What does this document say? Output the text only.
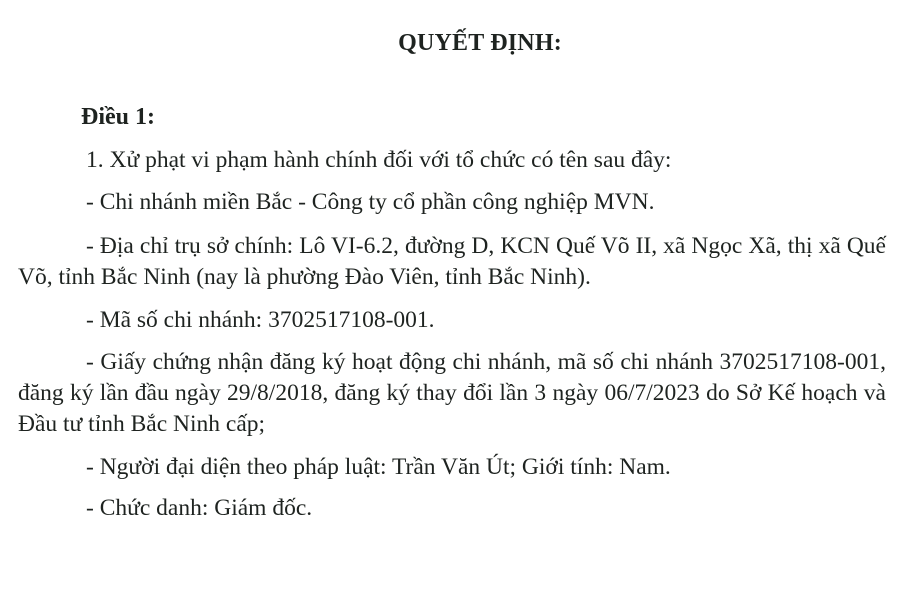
QUYẾT ĐỊNH:
Điều 1:
1. Xử phạt vi phạm hành chính đối với tổ chức có tên sau đây:
- Chi nhánh miền Bắc - Công ty cổ phần công nghiệp MVN.
- Địa chỉ trụ sở chính: Lô VI-6.2, đường D, KCN Quế Võ II, xã Ngọc Xã, thị xã Quế Võ, tỉnh Bắc Ninh (nay là phường Đào Viên, tỉnh Bắc Ninh).
- Mã số chi nhánh: 3702517108-001.
- Giấy chứng nhận đăng ký hoạt động chi nhánh, mã số chi nhánh 3702517108-001, đăng ký lần đầu ngày 29/8/2018, đăng ký thay đổi lần 3 ngày 06/7/2023 do Sở Kế hoạch và Đầu tư tỉnh Bắc Ninh cấp;
- Người đại diện theo pháp luật: Trần Văn Út; Giới tính: Nam.
- Chức danh: Giám đốc.
